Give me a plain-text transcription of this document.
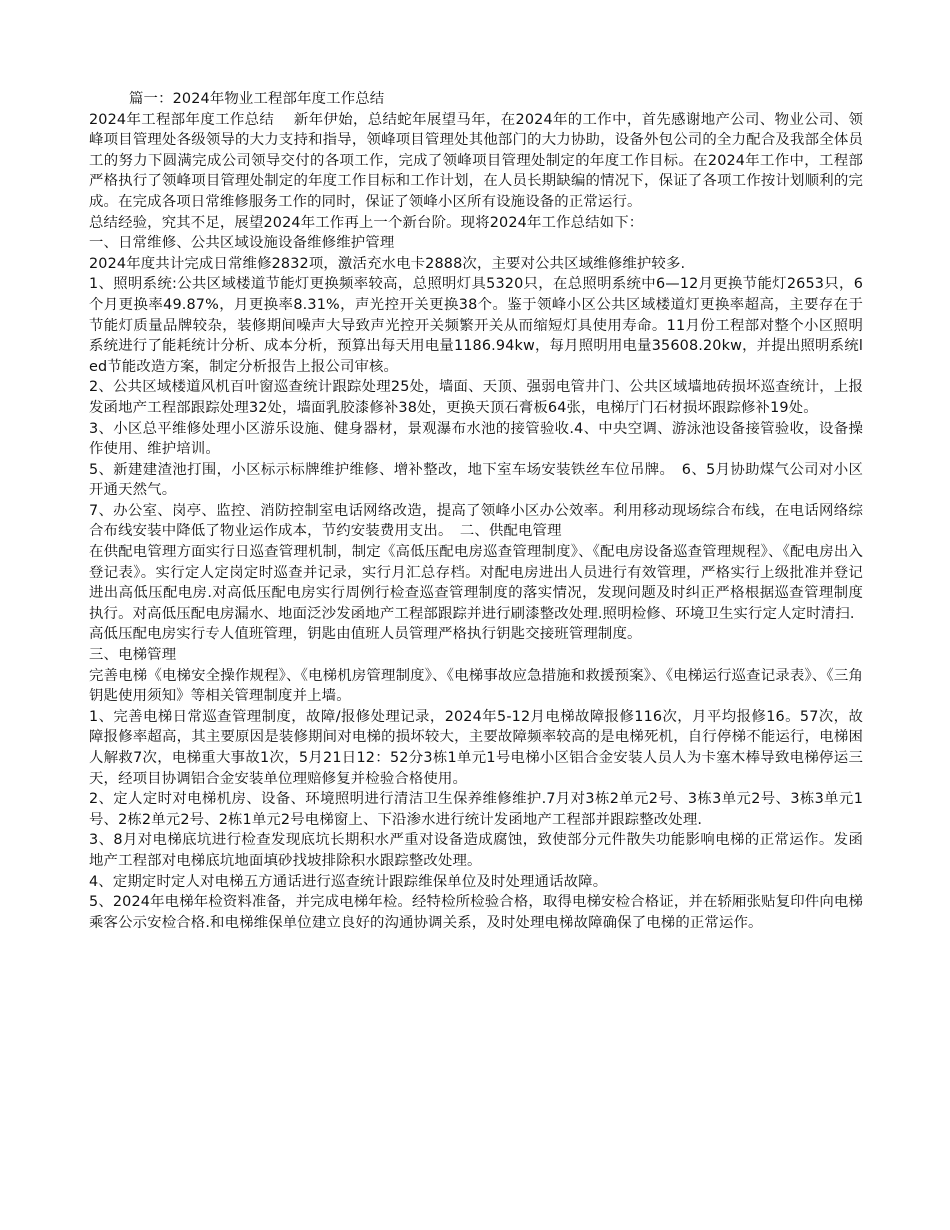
篇一：2024年物业工程部年度工作总结

2024年工程部年度工作总结　 新年伊始，总结蛇年展望马年，在2024年的工作中，首先感谢地产公司、物业公司、领峰项目管理处各级领导的大力支持和指导，领峰项目管理处其他部门的大力协助，设备外包公司的全力配合及我部全体员工的努力下圆满完成公司领导交付的各项工作，完成了领峰项目管理处制定的年度工作目标。在2024年工作中，工程部严格执行了领峰项目管理处制定的年度工作目标和工作计划，在人员长期缺编的情况下，保证了各项工作按计划顺利的完成。在完成各项日常维修服务工作的同时，保证了领峰小区所有设施设备的正常运行。

总结经验，究其不足，展望2024年工作再上一个新台阶。现将2024年工作总结如下：

一、日常维修、公共区域设施设备维修维护管理

2024年度共计完成日常维修2832项，激活充水电卡2888次，主要对公共区域维修维护较多.

1、照明系统:公共区域楼道节能灯更换频率较高，总照明灯具5320只，在总照明系统中6—12月更换节能灯2653只，6个月更换率49.87%，月更换率8.31%，声光控开关更换38个。鉴于领峰小区公共区域楼道灯更换率超高，主要存在于节能灯质量品牌较杂，装修期间噪声大导致声光控开关频繁开关从而缩短灯具使用寿命。11月份工程部对整个小区照明系统进行了能耗统计分析、成本分析，预算出每天用电量1186.94kw，每月照明用电量35608.20kw，并提出照明系统led节能改造方案，制定分析报告上报公司审核。

2、公共区域楼道风机百叶窗巡查统计跟踪处理25处，墙面、天顶、强弱电管井门、公共区域墙地砖损坏巡查统计，上报发函地产工程部跟踪处理32处，墙面乳胶漆修补38处，更换天顶石膏板64张，电梯厅门石材损坏跟踪修补19处。

3、小区总平维修处理小区游乐设施、健身器材，景观瀑布水池的接管验收.4、中央空调、游泳池设备接管验收，设备操作使用、维护培训。

5、新建建渣池打围，小区标示标牌维护维修、增补整改，地下室车场安装铁丝车位吊牌。　6、5月协助煤气公司对小区开通天然气。

7、办公室、岗亭、监控、消防控制室电话网络改造，提高了领峰小区办公效率。利用移动现场综合布线，在电话网络综合布线安装中降低了物业运作成本，节约安装费用支出。　二、供配电管理

在供配电管理方面实行日巡查管理机制，制定《高低压配电房巡查管理制度》、《配电房设备巡查管理规程》、《配电房出入登记表》。实行定人定岗定时巡查并记录，实行月汇总存档。对配电房进出人员进行有效管理，严格实行上级批准并登记进出高低压配电房.对高低压配电房实行周例行检查巡查管理制度的落实情况，发现问题及时纠正严格根据巡查管理制度执行。对高低压配电房漏水、地面泛沙发函地产工程部跟踪并进行刷漆整改处理.照明检修、环境卫生实行定人定时清扫.

高低压配电房实行专人值班管理，钥匙由值班人员管理严格执行钥匙交接班管理制度。

三、电梯管理

完善电梯《电梯安全操作规程》、《电梯机房管理制度》、《电梯事故应急措施和救援预案》、《电梯运行巡查记录表》、《三角钥匙使用须知》等相关管理制度并上墙。

1、完善电梯日常巡查管理制度，故障/报修处理记录，2024年5-12月电梯故障报修116次，月平均报修16。57次，故障报修率超高，其主要原因是装修期间对电梯的损坏较大，主要故障频率较高的是电梯死机，自行停梯不能运行，电梯困人解救7次，电梯重大事故1次，5月21日12：52分3栋1单元1号电梯小区铝合金安装人员人为卡塞木棒导致电梯停运三天，经项目协调铝合金安装单位理赔修复并检验合格使用。

2、定人定时对电梯机房、设备、环境照明进行清洁卫生保养维修维护.7月对3栋2单元2号、3栋3单元2号、3栋3单元1号、2栋2单元2号、2栋1单元2号电梯窗上、下沿渗水进行统计发函地产工程部并跟踪整改处理.

3、8月对电梯底坑进行检查发现底坑长期积水严重对设备造成腐蚀，致使部分元件散失功能影响电梯的正常运作。发函地产工程部对电梯底坑地面填砂找坡排除积水跟踪整改处理。

4、定期定时定人对电梯五方通话进行巡查统计跟踪维保单位及时处理通话故障。

5、2024年电梯年检资料准备，并完成电梯年检。经特检所检验合格，取得电梯安检合格证，并在轿厢张贴复印件向电梯乘客公示安检合格.和电梯维保单位建立良好的沟通协调关系，及时处理电梯故障确保了电梯的正常运作。
